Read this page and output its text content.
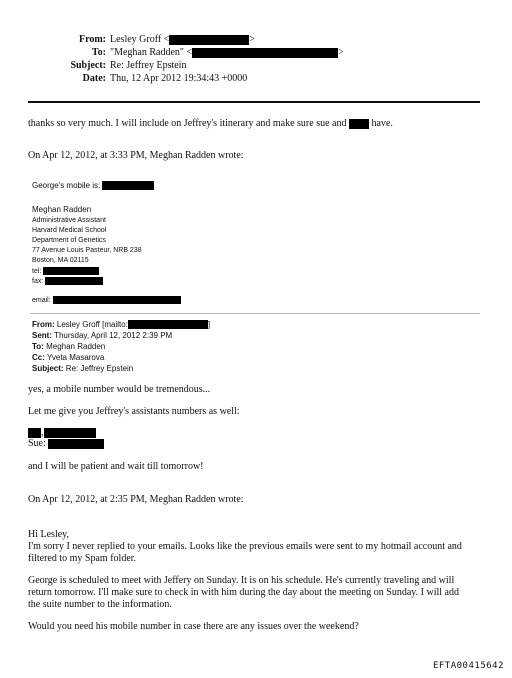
From: Lesley Groff <	>
To: "Meghan Radden" <	>
Subject: Re: Jeffrey Epstein
Date: Thu, 12 Apr 2012 19:34:43 +0000
thanks so very much. I will include on Jeffrey's itinerary and make sure sue and	have.
On Apr 12, 2012, at 3:33 PM, Meghan Radden wrote:
George's mobile is:
Meghan Radden
Administrative Assistant
Harvard Medical School
Department of Genetics
77 Avenue Louis Pasteur, NRB 238
Boston, MA 02115
tel:
fax:
email:
From: Lesley Groff [mailto:	]
Sent: Thursday, April 12, 2012 2:39 PM
To: Meghan Radden
Cc: Yveta Masarova
Subject: Re: Jeffrey Epstein
yes, a mobile number would be tremendous...
Let me give you Jeffrey's assistants numbers as well:
,
Sue:
and I will be patient and wait till tomorrow!
On Apr 12, 2012, at 2:35 PM, Meghan Radden wrote:
Hi Lesley,
I'm sorry I never replied to your emails. Looks like the previous emails were sent to my hotmail account and
filtered to my Spam folder.
George is scheduled to meet with Jeffery on Sunday. It is on his schedule. He's currently traveling and will
return tomorrow. I'll make sure to check in with him during the day about the meeting on Sunday. I will add
the suite number to the information.
Would you need his mobile number in case there are any issues over the weekend?
EFTA00415642
